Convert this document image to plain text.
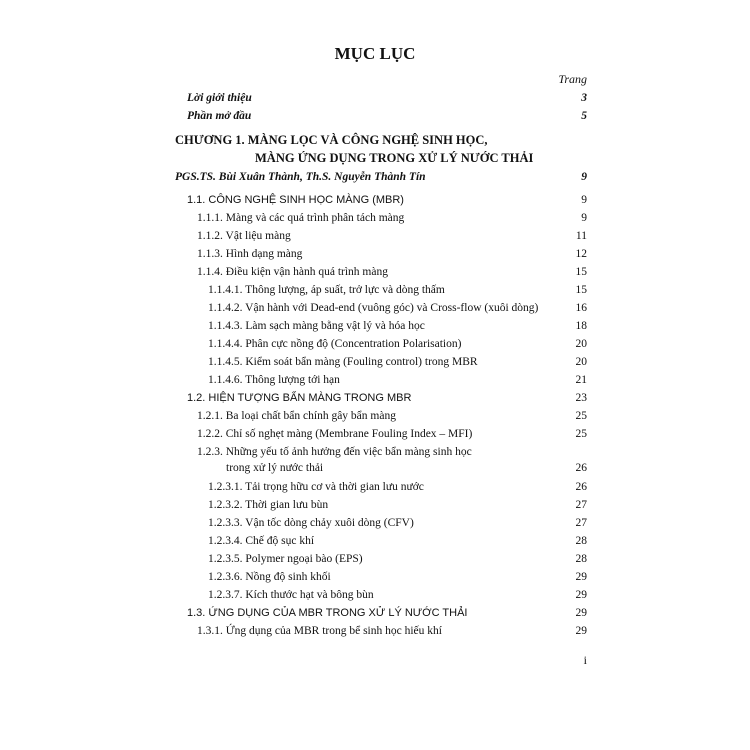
MỤC LỤC
Trang
Lời giới thiệu	3
Phần mở đầu	5
CHƯƠNG 1. MÀNG LỌC VÀ CÔNG NGHỆ SINH HỌC,
MÀNG ỨNG DỤNG TRONG XỬ LÝ NƯỚC THẢI
PGS.TS. Bùi Xuân Thành, Th.S. Nguyễn Thành Tín	9
1.1. CÔNG NGHỆ SINH HỌC MÀNG (MBR)	9
1.1.1. Màng và các quá trình phân tách màng	9
1.1.2. Vật liệu màng	11
1.1.3. Hình dạng màng	12
1.1.4. Điều kiện vận hành quá trình màng	15
1.1.4.1. Thông lượng, áp suất, trở lực và dòng thấm	15
1.1.4.2. Vận hành với Dead-end (vuông góc) và Cross-flow (xuôi dòng)	16
1.1.4.3. Làm sạch màng bằng vật lý và hóa học	18
1.1.4.4. Phân cực nồng độ (Concentration Polarisation)	20
1.1.4.5. Kiểm soát bẩn màng (Fouling control) trong MBR	20
1.1.4.6. Thông lượng tới hạn	21
1.2. HIỆN TƯỢNG BẨN MÀNG TRONG MBR	23
1.2.1. Ba loại chất bẩn chính gây bẩn màng	25
1.2.2. Chỉ số nghẹt màng (Membrane Fouling Index – MFI)	25
1.2.3. Những yếu tố ảnh hưởng đến việc bẩn màng sinh học
trong xử lý nước thải	26
1.2.3.1. Tải trọng hữu cơ và thời gian lưu nước	26
1.2.3.2. Thời gian lưu bùn	27
1.2.3.3. Vận tốc dòng chảy xuôi dòng (CFV)	27
1.2.3.4. Chế độ sục khí	28
1.2.3.5. Polymer ngoại bào (EPS)	28
1.2.3.6. Nồng độ sinh khối	29
1.2.3.7. Kích thước hạt và bông bùn	29
1.3. ỨNG DỤNG CỦA MBR TRONG XỬ LÝ NƯỚC THẢI	29
1.3.1. Ứng dụng của MBR trong bể sinh học hiếu khí	29
i
